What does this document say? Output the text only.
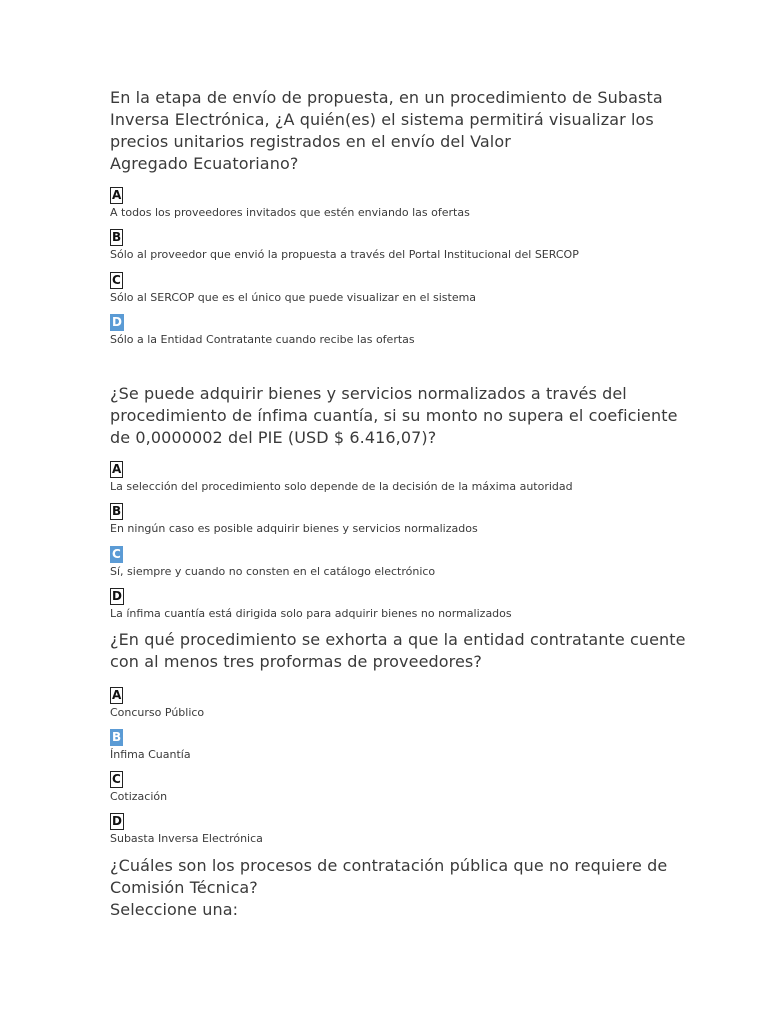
En la etapa de envío de propuesta, en un procedimiento de Subasta
Inversa Electrónica, ¿A quién(es) el sistema permitirá visualizar los
precios unitarios registrados en el envío del Valor
Agregado Ecuatoriano?
A
A todos los proveedores invitados que estén enviando las ofertas
B
Sólo al proveedor que envió la propuesta a través del Portal Institucional del SERCOP
C
Sólo al SERCOP que es el único que puede visualizar en el sistema
D
Sólo a la Entidad Contratante cuando recibe las ofertas
¿Se puede adquirir bienes y servicios normalizados a través del
procedimiento de ínfima cuantía, si su monto no supera el coeficiente
de 0,0000002 del PIE (USD $ 6.416,07)?
A
La selección del procedimiento solo depende de la decisión de la máxima autoridad
B
En ningún caso es posible adquirir bienes y servicios normalizados
C
Sí, siempre y cuando no consten en el catálogo electrónico
D
La ínfima cuantía está dirigida solo para adquirir bienes no normalizados
¿En qué procedimiento se exhorta a que la entidad contratante cuente
con al menos tres proformas de proveedores?
A
Concurso Público
B
Ínfima Cuantía
C
Cotización
D
Subasta Inversa Electrónica
¿Cuáles son los procesos de contratación pública que no requiere de
Comisión Técnica?
Seleccione una:
